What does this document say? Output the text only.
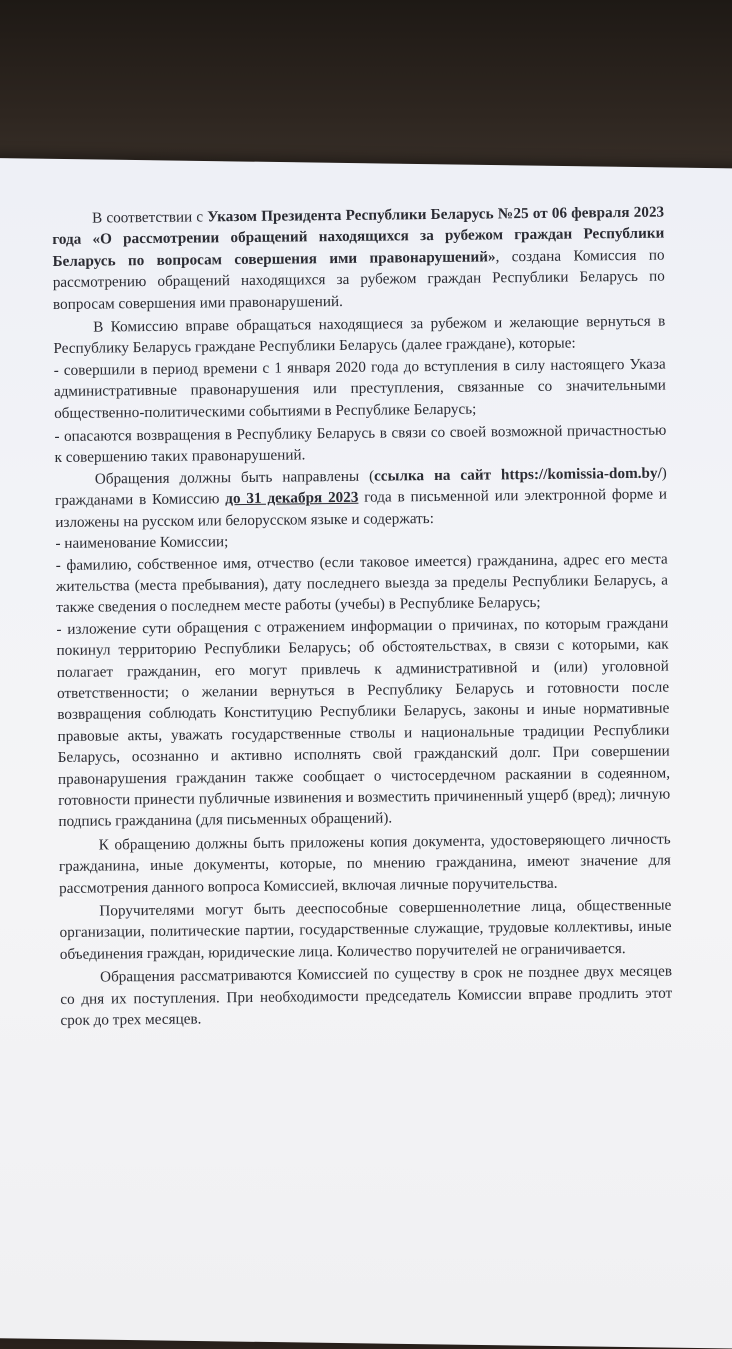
В соответствии с Указом Президента Республики Беларусь №25 от 06 февраля 2023 года «О рассмотрении обращений находящихся за рубежом граждан Республики Беларусь по вопросам совершения ими правонарушений», создана Комиссия по рассмотрению обращений находящихся за рубежом граждан Республики Беларусь по вопросам совершения ими правонарушений.

В Комиссию вправе обращаться находящиеся за рубежом и желающие вернуться в Республику Беларусь граждане Республики Беларусь (далее граждане), которые:

- совершили в период времени с 1 января 2020 года до вступления в силу настоящего Указа административные правонарушения или преступления, связанные со значительными общественно-политическими событиями в Республике Беларусь;

- опасаются возвращения в Республику Беларусь в связи со своей возможной причастностью к совершению таких правонарушений.

Обращения должны быть направлены (ссылка на сайт https://komissia-dom.by/) гражданами в Комиссию до 31 декабря 2023 года в письменной или электронной форме и изложены на русском или белорусском языке и содержать:

- наименование Комиссии;

- фамилию, собственное имя, отчество (если таковое имеется) гражданина, адрес его места жительства (места пребывания), дату последнего выезда за пределы Республики Беларусь, а также сведения о последнем месте работы (учебы) в Республике Беларусь;

- изложение сути обращения с отражением информации о причинах, по которым граждани покинул территорию Республики Беларусь; об обстоятельствах, в связи с которыми, как полагает гражданин, его могут привлечь к административной и (или) уголовной ответственности; о желании вернуться в Республику Беларусь и готовности после возвращения соблюдать Конституцию Республики Беларусь, законы и иные нормативные правовые акты, уважать государственные стволы и национальные традиции Республики Беларусь, осознанно и активно исполнять свой гражданский долг. При совершении правонарушения гражданин также сообщает о чистосердечном раскаянии в содеянном, готовности принести публичные извинения и возместить причиненный ущерб (вред); личную подпись гражданина (для письменных обращений).

К обращению должны быть приложены копия документа, удостоверяющего личность гражданина, иные документы, которые, по мнению гражданина, имеют значение для рассмотрения данного вопроса Комиссией, включая личные поручительства.

Поручителями могут быть дееспособные совершеннолетние лица, общественные организации, политические партии, государственные служащие, трудовые коллективы, иные объединения граждан, юридические лица. Количество поручителей не ограничивается.

Обращения рассматриваются Комиссией по существу в срок не позднее двух месяцев со дня их поступления. При необходимости председатель Комиссии вправе продлить этот срок до трех месяцев.
